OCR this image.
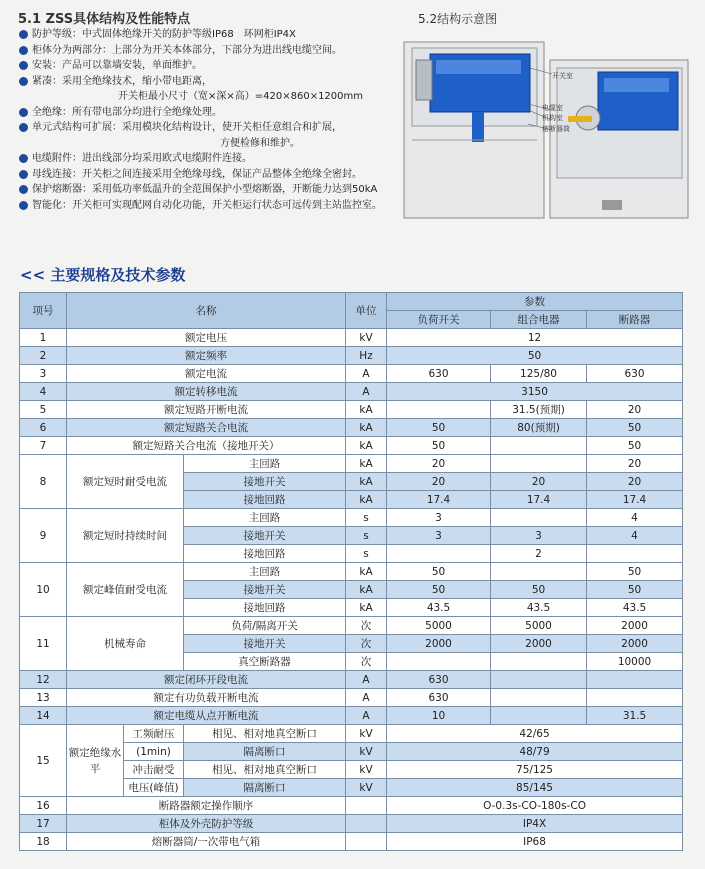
5.1 ZSS具体结构及性能特点	5.2结构示意图
防护等级：中式固体绝缘开关的防护等级IP68　环网柜IP4X
柜体分为两部分：上部分为开关本体部分，下部分为进出线电缆空间。
安装：产品可以靠墙安装，单面维护。
紧凑：采用全绝缘技术，缩小带电距离，
开关柜最小尺寸（宽×深×高）=420×860×1200mm
全绝缘：所有带电部分均进行全绝缘处理。
单元式结构可扩展：采用模块化结构设计，使开关柜任意组合和扩展，
方便检修和维护。
电缆附件：进出线部分均采用欧式电缆附件连接。
母线连接：开关柜之间连接采用全绝缘母线，保证产品整体全绝缘全密封。
保护熔断器：采用低功率低温升的全范围保护小型熔断器，开断能力达到50kA
智能化：开关柜可实现配网自动化功能，开关柜运行状态可远传到主站监控室。
开关室
电缆室
机构室
熔断器筒
<< 主要规格及技术参数
项号	名称			单位	参数		
					负荷开关	组合电器	断路器
1	额定电压			kV	12		
2	额定频率			Hz	50		
3	额定电流			A	630	125/80	630
4	额定转移电流			A	3150		
5	额定短路开断电流			kA		31.5(预期)	20
6	额定短路关合电流			kA	50	80(预期)	50
7	额定短路关合电流（接地开关）			kA	50		50
8	额定短时耐受电流		主回路	kA	20		20
			接地开关	kA	20	20	20
			接地回路	kA	17.4	17.4	17.4
9	额定短时持续时间		主回路	s	3		4
			接地开关	s	3	3	4
			接地回路	s		2	
10	额定峰值耐受电流		主回路	kA	50		50
			接地开关	kA	50	50	50
			接地回路	kA	43.5	43.5	43.5
11	机械寿命		负荷/隔离开关	次	5000	5000	2000
			接地开关	次	2000	2000	2000
			真空断路器	次			10000
12	额定闭环开段电流			A	630		
13	额定有功负载开断电流			A	630		
14	额定电缆从点开断电流			A	10		31.5
15	额定绝缘水平	工频耐压	相见、相对地真空断口	kV	42/65		
		(1min)	隔离断口	kV	48/79		
		冲击耐受	相见、相对地真空断口	kV	75/125		
		电压(峰值)	隔离断口	kV	85/145		
16	断路器额定操作顺序				O-0.3s-CO-180s-CO		
17	柜体及外壳防护等级				IP4X		
18	熔断器筒/一次带电气箱				IP68		
